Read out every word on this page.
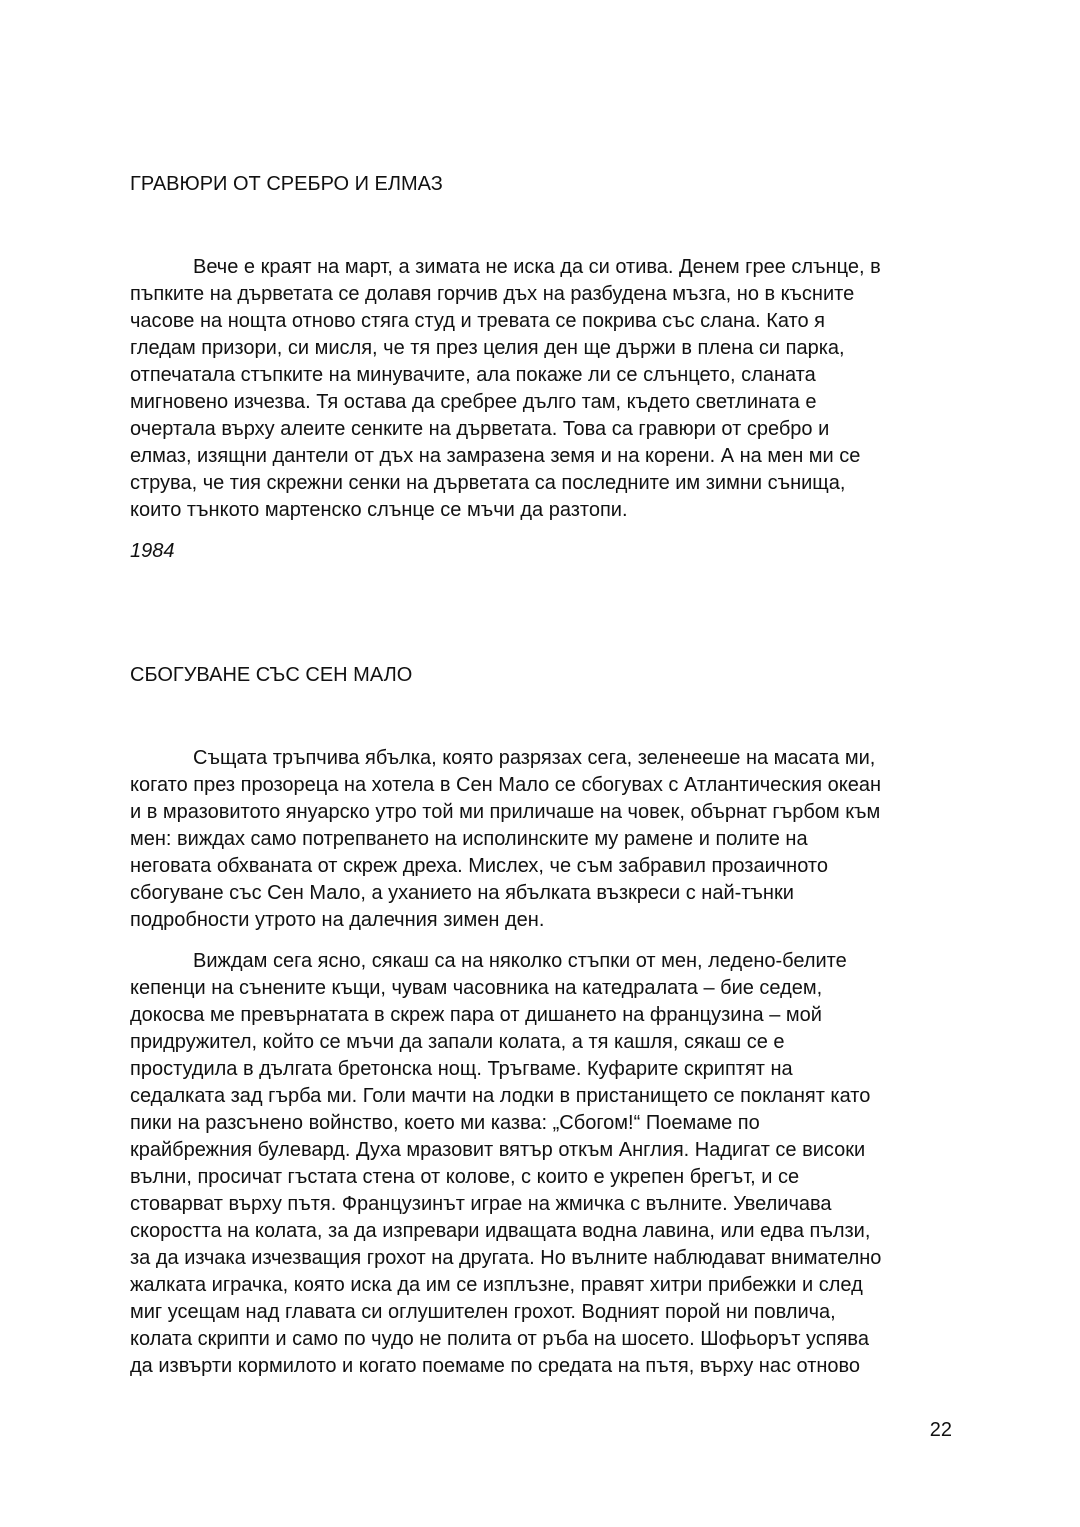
ГРАВЮРИ ОТ СРЕБРО И ЕЛМАЗ
Вече е краят на март, а зимата не иска да си отива. Денем грее слънце, в
пъпките на дърветата се долавя горчив дъх на разбудена мъзга, но в късните
часове на нощта отново стяга студ и тревата се покрива със слана. Като я
гледам призори, си мисля, че тя през целия ден ще държи в плена си парка,
отпечатала стъпките на минувачите, ала покаже ли се слънцето, сланата
мигновено изчезва. Тя остава да сребрее дълго там, където светлината е
очертала върху алеите сенките на дърветата. Това са гравюри от сребро и
елмаз, изящни дантели от дъх на замразена земя и на корени. А на мен ми се
струва, че тия скрежни сенки на дърветата са последните им зимни сънища,
които тънкото мартенско слънце се мъчи да разтопи.
1984
СБОГУВАНЕ СЪС СЕН МАЛО
Същата тръпчива ябълка, която разрязах сега, зеленееше на масата ми,
когато през прозореца на хотела в Сен Мало се сбогувах с Атлантическия океан
и в мразовитото януарско утро той ми приличаше на човек, обърнат гърбом към
мен: виждах само потрепването на исполинските му рамене и полите на
неговата обхваната от скреж дреха. Мислех, че съм забравил прозаичното
сбогуване със Сен Мало, а уханието на ябълката възкреси с най-тънки
подробности утрото на далечния зимен ден.
Виждам сега ясно, сякаш са на няколко стъпки от мен, ледено-белите
кепенци на сънените къщи, чувам часовника на катедралата – бие седем,
докосва ме превърнатата в скреж пара от дишането на французина – мой
придружител, който се мъчи да запали колата, а тя кашля, сякаш се е
простудила в дългата бретонска нощ. Тръгваме. Куфарите скриптят на
седалката зад гърба ми. Голи мачти на лодки в пристанището се покланят като
пики на разсънено войнство, което ми казва: „Сбогом!“ Поемаме по
крайбрежния булевард. Духа мразовит вятър откъм Англия. Надигат се високи
вълни, просичат гъстата стена от колове, с които е укрепен брегът, и се
стоварват върху пътя. Французинът играе на жмичка с вълните. Увеличава
скоростта на колата, за да изпревари идващата водна лавина, или едва пълзи,
за да изчака изчезващия грохот на другата. Но вълните наблюдават внимателно
жалката играчка, която иска да им се изплъзне, правят хитри прибежки и след
миг усещам над главата си оглушителен грохот. Водният порой ни повлича,
колата скрипти и само по чудо не полита от ръба на шосето. Шофьорът успява
да извърти кормилото и когато поемаме по средата на пътя, върху нас отново
22
